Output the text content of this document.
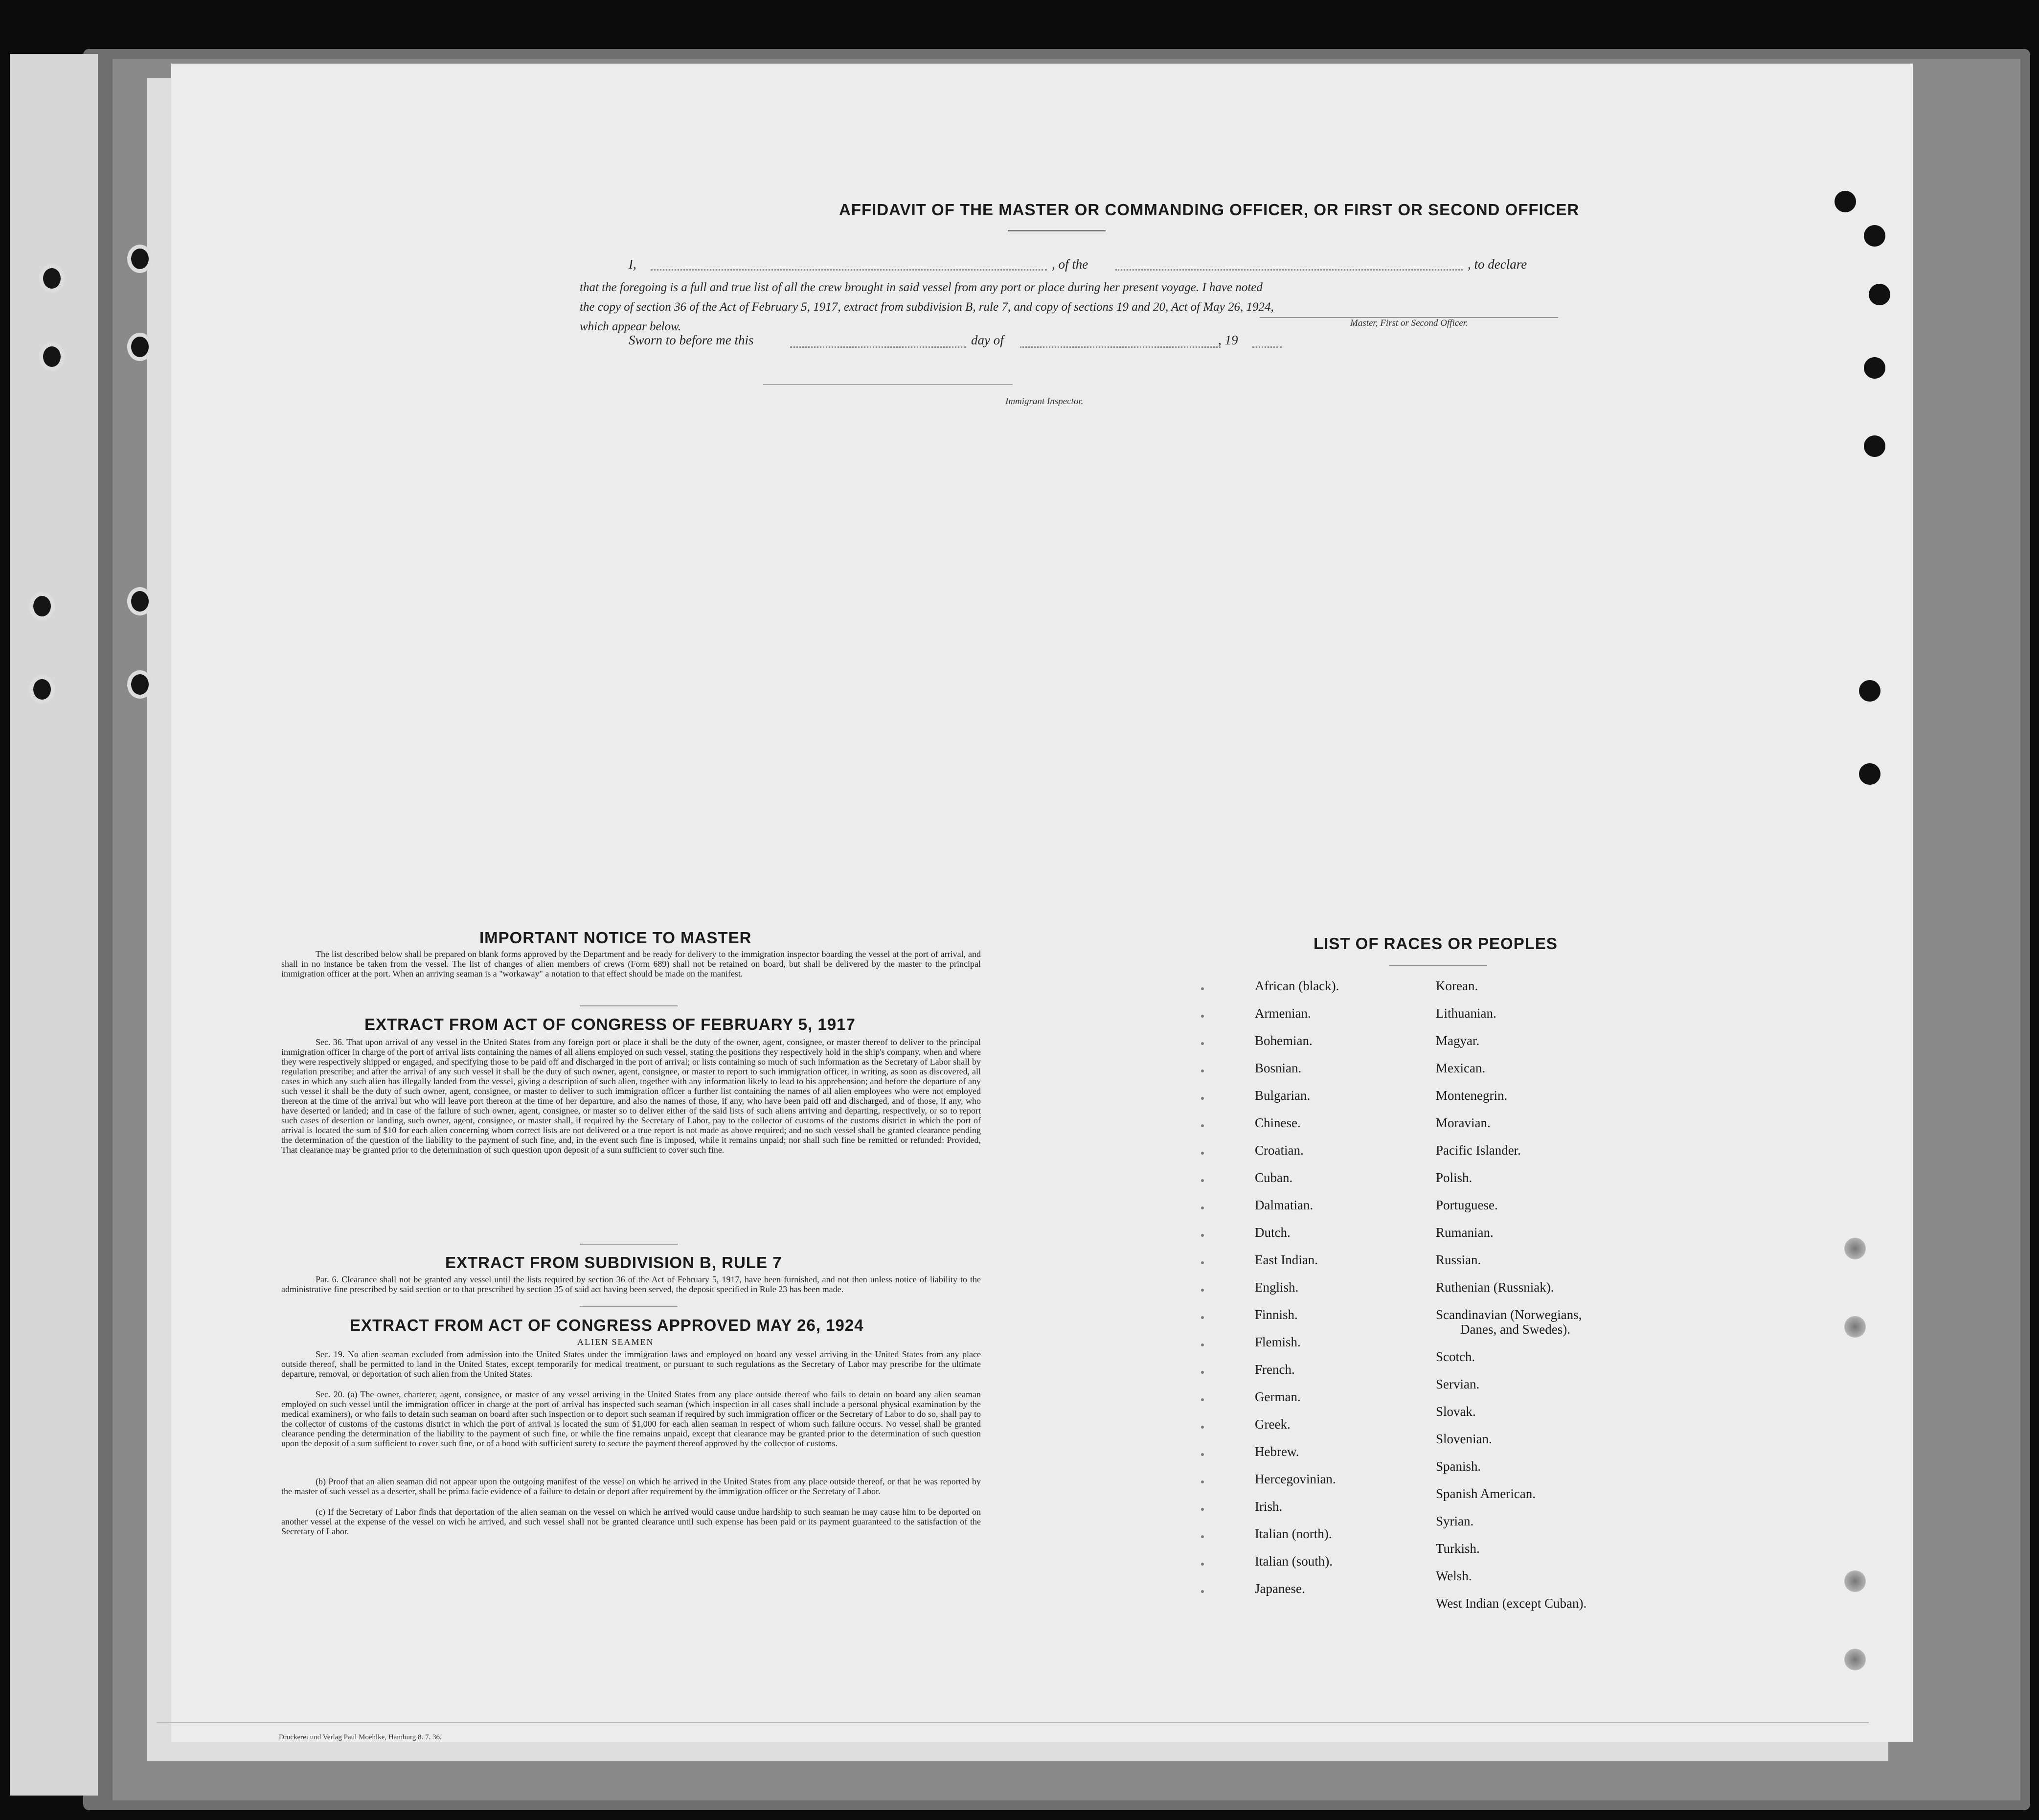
AFFIDAVIT OF THE MASTER OR COMMANDING OFFICER, OR FIRST OR SECOND OFFICER
I,	, of the	, to declare
that the foregoing is a full and true list of all the crew brought in said vessel from any port or place during her present voyage. I have noted
the copy of section 36 of the Act of February 5, 1917, extract from subdivision B, rule 7, and copy of sections 19 and 20, Act of May 26, 1924,
which appear below.	Master, First or Second Officer.
Sworn to before me this	day of	, 19
Immigrant Inspector.
IMPORTANT NOTICE TO MASTER
The list described below shall be prepared on blank forms approved by the Department and be ready for delivery to the immigration inspector boarding the vessel at the port of arrival, and shall in no instance be taken from the vessel. The list of changes of alien members of crews (Form 689) shall not be retained on board, but shall be delivered by the master to the principal immigration officer at the port. When an arriving seaman is a "workaway" a notation to that effect should be made on the manifest.
EXTRACT FROM ACT OF CONGRESS OF FEBRUARY 5, 1917
Sec. 36. That upon arrival of any vessel in the United States from any foreign port or place it shall be the duty of the owner, agent, consignee, or master thereof to deliver to the principal immigration officer in charge of the port of arrival lists containing the names of all aliens employed on such vessel, stating the positions they respectively hold in the ship's company, when and where they were respectively shipped or engaged, and specifying those to be paid off and discharged in the port of arrival; or lists containing so much of such information as the Secretary of Labor shall by regulation prescribe; and after the arrival of any such vessel it shall be the duty of such owner, agent, consignee, or master to report to such immigration officer, in writing, as soon as discovered, all cases in which any such alien has illegally landed from the vessel, giving a description of such alien, together with any information likely to lead to his apprehension; and before the departure of any such vessel it shall be the duty of such owner, agent, consignee, or master to deliver to such immigration officer a further list containing the names of all alien employees who were not employed thereon at the time of the arrival but who will leave port thereon at the time of her departure, and also the names of those, if any, who have been paid off and discharged, and of those, if any, who have deserted or landed; and in case of the failure of such owner, agent, consignee, or master so to deliver either of the said lists of such aliens arriving and departing, respectively, or so to report such cases of desertion or landing, such owner, agent, consignee, or master shall, if required by the Secretary of Labor, pay to the collector of customs of the customs district in which the port of arrival is located the sum of $10 for each alien concerning whom correct lists are not delivered or a true report is not made as above required; and no such vessel shall be granted clearance pending the determination of the question of the liability to the payment of such fine, and, in the event such fine is imposed, while it remains unpaid; nor shall such fine be remitted or refunded: Provided, That clearance may be granted prior to the determination of such question upon deposit of a sum sufficient to cover such fine.
EXTRACT FROM SUBDIVISION B, RULE 7
Par. 6. Clearance shall not be granted any vessel until the lists required by section 36 of the Act of February 5, 1917, have been furnished, and not then unless notice of liability to the administrative fine prescribed by said section or to that prescribed by section 35 of said act having been served, the deposit specified in Rule 23 has been made.
EXTRACT FROM ACT OF CONGRESS APPROVED MAY 26, 1924
ALIEN SEAMEN
Sec. 19. No alien seaman excluded from admission into the United States under the immigration laws and employed on board any vessel arriving in the United States from any place outside thereof, shall be permitted to land in the United States, except temporarily for medical treatment, or pursuant to such regulations as the Secretary of Labor may prescribe for the ultimate departure, removal, or deportation of such alien from the United States.
Sec. 20. (a) The owner, charterer, agent, consignee, or master of any vessel arriving in the United States from any place outside thereof who fails to detain on board any alien seaman employed on such vessel until the immigration officer in charge at the port of arrival has inspected such seaman (which inspection in all cases shall include a personal physical examination by the medical examiners), or who fails to detain such seaman on board after such inspection or to deport such seaman if required by such immigration officer or the Secretary of Labor to do so, shall pay to the collector of customs of the customs district in which the port of arrival is located the sum of $1,000 for each alien seaman in respect of whom such failure occurs. No vessel shall be granted clearance pending the determination of the liability to the payment of such fine, or while the fine remains unpaid, except that clearance may be granted prior to the determination of such question upon the deposit of a sum sufficient to cover such fine, or of a bond with sufficient surety to secure the payment thereof approved by the collector of customs.
(b) Proof that an alien seaman did not appear upon the outgoing manifest of the vessel on which he arrived in the United States from any place outside thereof, or that he was reported by the master of such vessel as a deserter, shall be prima facie evidence of a failure to detain or deport after requirement by the immigration officer or the Secretary of Labor.
(c) If the Secretary of Labor finds that deportation of the alien seaman on the vessel on which he arrived would cause undue hardship to such seaman he may cause him to be deported on another vessel at the expense of the vessel on wich he arrived, and such vessel shall not be granted clearance until such expense has been paid or its payment guaranteed to the satisfaction of the Secretary of Labor.
LIST OF RACES OR PEOPLES

Druckerei und Verlag Paul Moehlke, Hamburg 8. 7. 36.
African (black).
Armenian.
Bohemian.
Bosnian.
Bulgarian.
Chinese.
Croatian.
Cuban.
Dalmatian.
Dutch.
East Indian.
English.
Finnish.
Flemish.
French.
German.
Greek.
Hebrew.
Hercegovinian.
Irish.
Italian (north).
Italian (south).
Japanese.
Korean.
Lithuanian.
Magyar.
Mexican.
Montenegrin.
Moravian.
Pacific Islander.
Polish.
Portuguese.
Rumanian.
Russian.
Ruthenian (Russniak).
Scandinavian (Norwegians,
Danes, and Swedes).
Scotch.
Servian.
Slovak.
Slovenian.
Spanish.
Spanish American.
Syrian.
Turkish.
Welsh.
West Indian (except Cuban).
